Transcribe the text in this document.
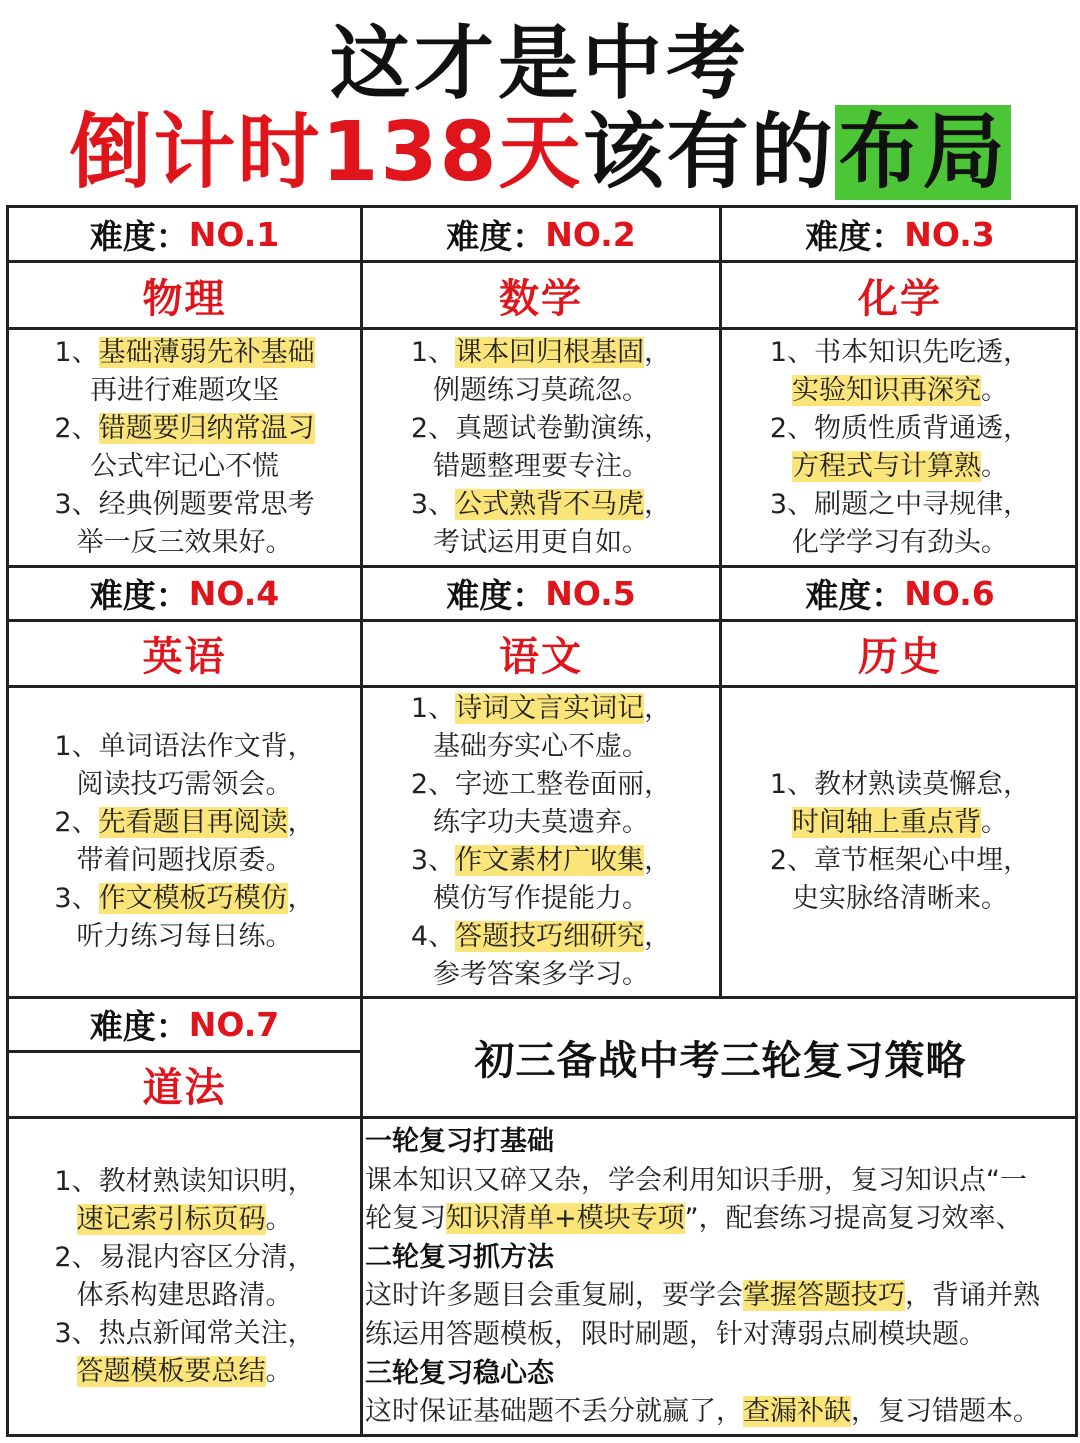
这才是中考
倒计时138天该有的布局
难度： NO.1
物理
1、基础薄弱先补基础
再进行难题攻坚
2、错题要归纳常温习
公式牢记心不慌
3、经典例题要常思考
举一反三效果好。
难度： NO.2
数学
1、课本回归根基固，
例题练习莫疏忽。
2、真题试卷勤演练，
错题整理要专注。
3、公式熟背不马虎，
考试运用更自如。
难度： NO.3
化学
1、书本知识先吃透，
实验知识再深究。
2、物质性质背通透，
方程式与计算熟。
3、刷题之中寻规律，
化学学习有劲头。
难度： NO.4
英语
1、单词语法作文背，
阅读技巧需领会。
2、先看题目再阅读，
带着问题找原委。
3、作文模板巧模仿，
听力练习每日练。
难度： NO.5
语文
1、诗词文言实词记，
基础夯实心不虚。
2、字迹工整卷面丽，
练字功夫莫遗弃。
3、作文素材广收集，
模仿写作提能力。
4、答题技巧细研究，
参考答案多学习。
难度： NO.6
历史
1、教材熟读莫懈怠，
时间轴上重点背。
2、章节框架心中埋，
史实脉络清晰来。
难度： NO.7
道法
1、教材熟读知识明，
速记索引标页码。
2、易混内容区分清，
体系构建思路清。
3、热点新闻常关注，
答题模板要总结。
初三备战中考三轮复习策略
一轮复习打基础
课本知识又碎又杂，学会利用知识手册，复习知识点“一
轮复习知识清单+模块专项”，配套练习提高复习效率、
二轮复习抓方法
这时许多题目会重复刷，要学会掌握答题技巧，背诵并熟
练运用答题模板，限时刷题，针对薄弱点刷模块题。
三轮复习稳心态
这时保证基础题不丢分就赢了，查漏补缺，复习错题本。
